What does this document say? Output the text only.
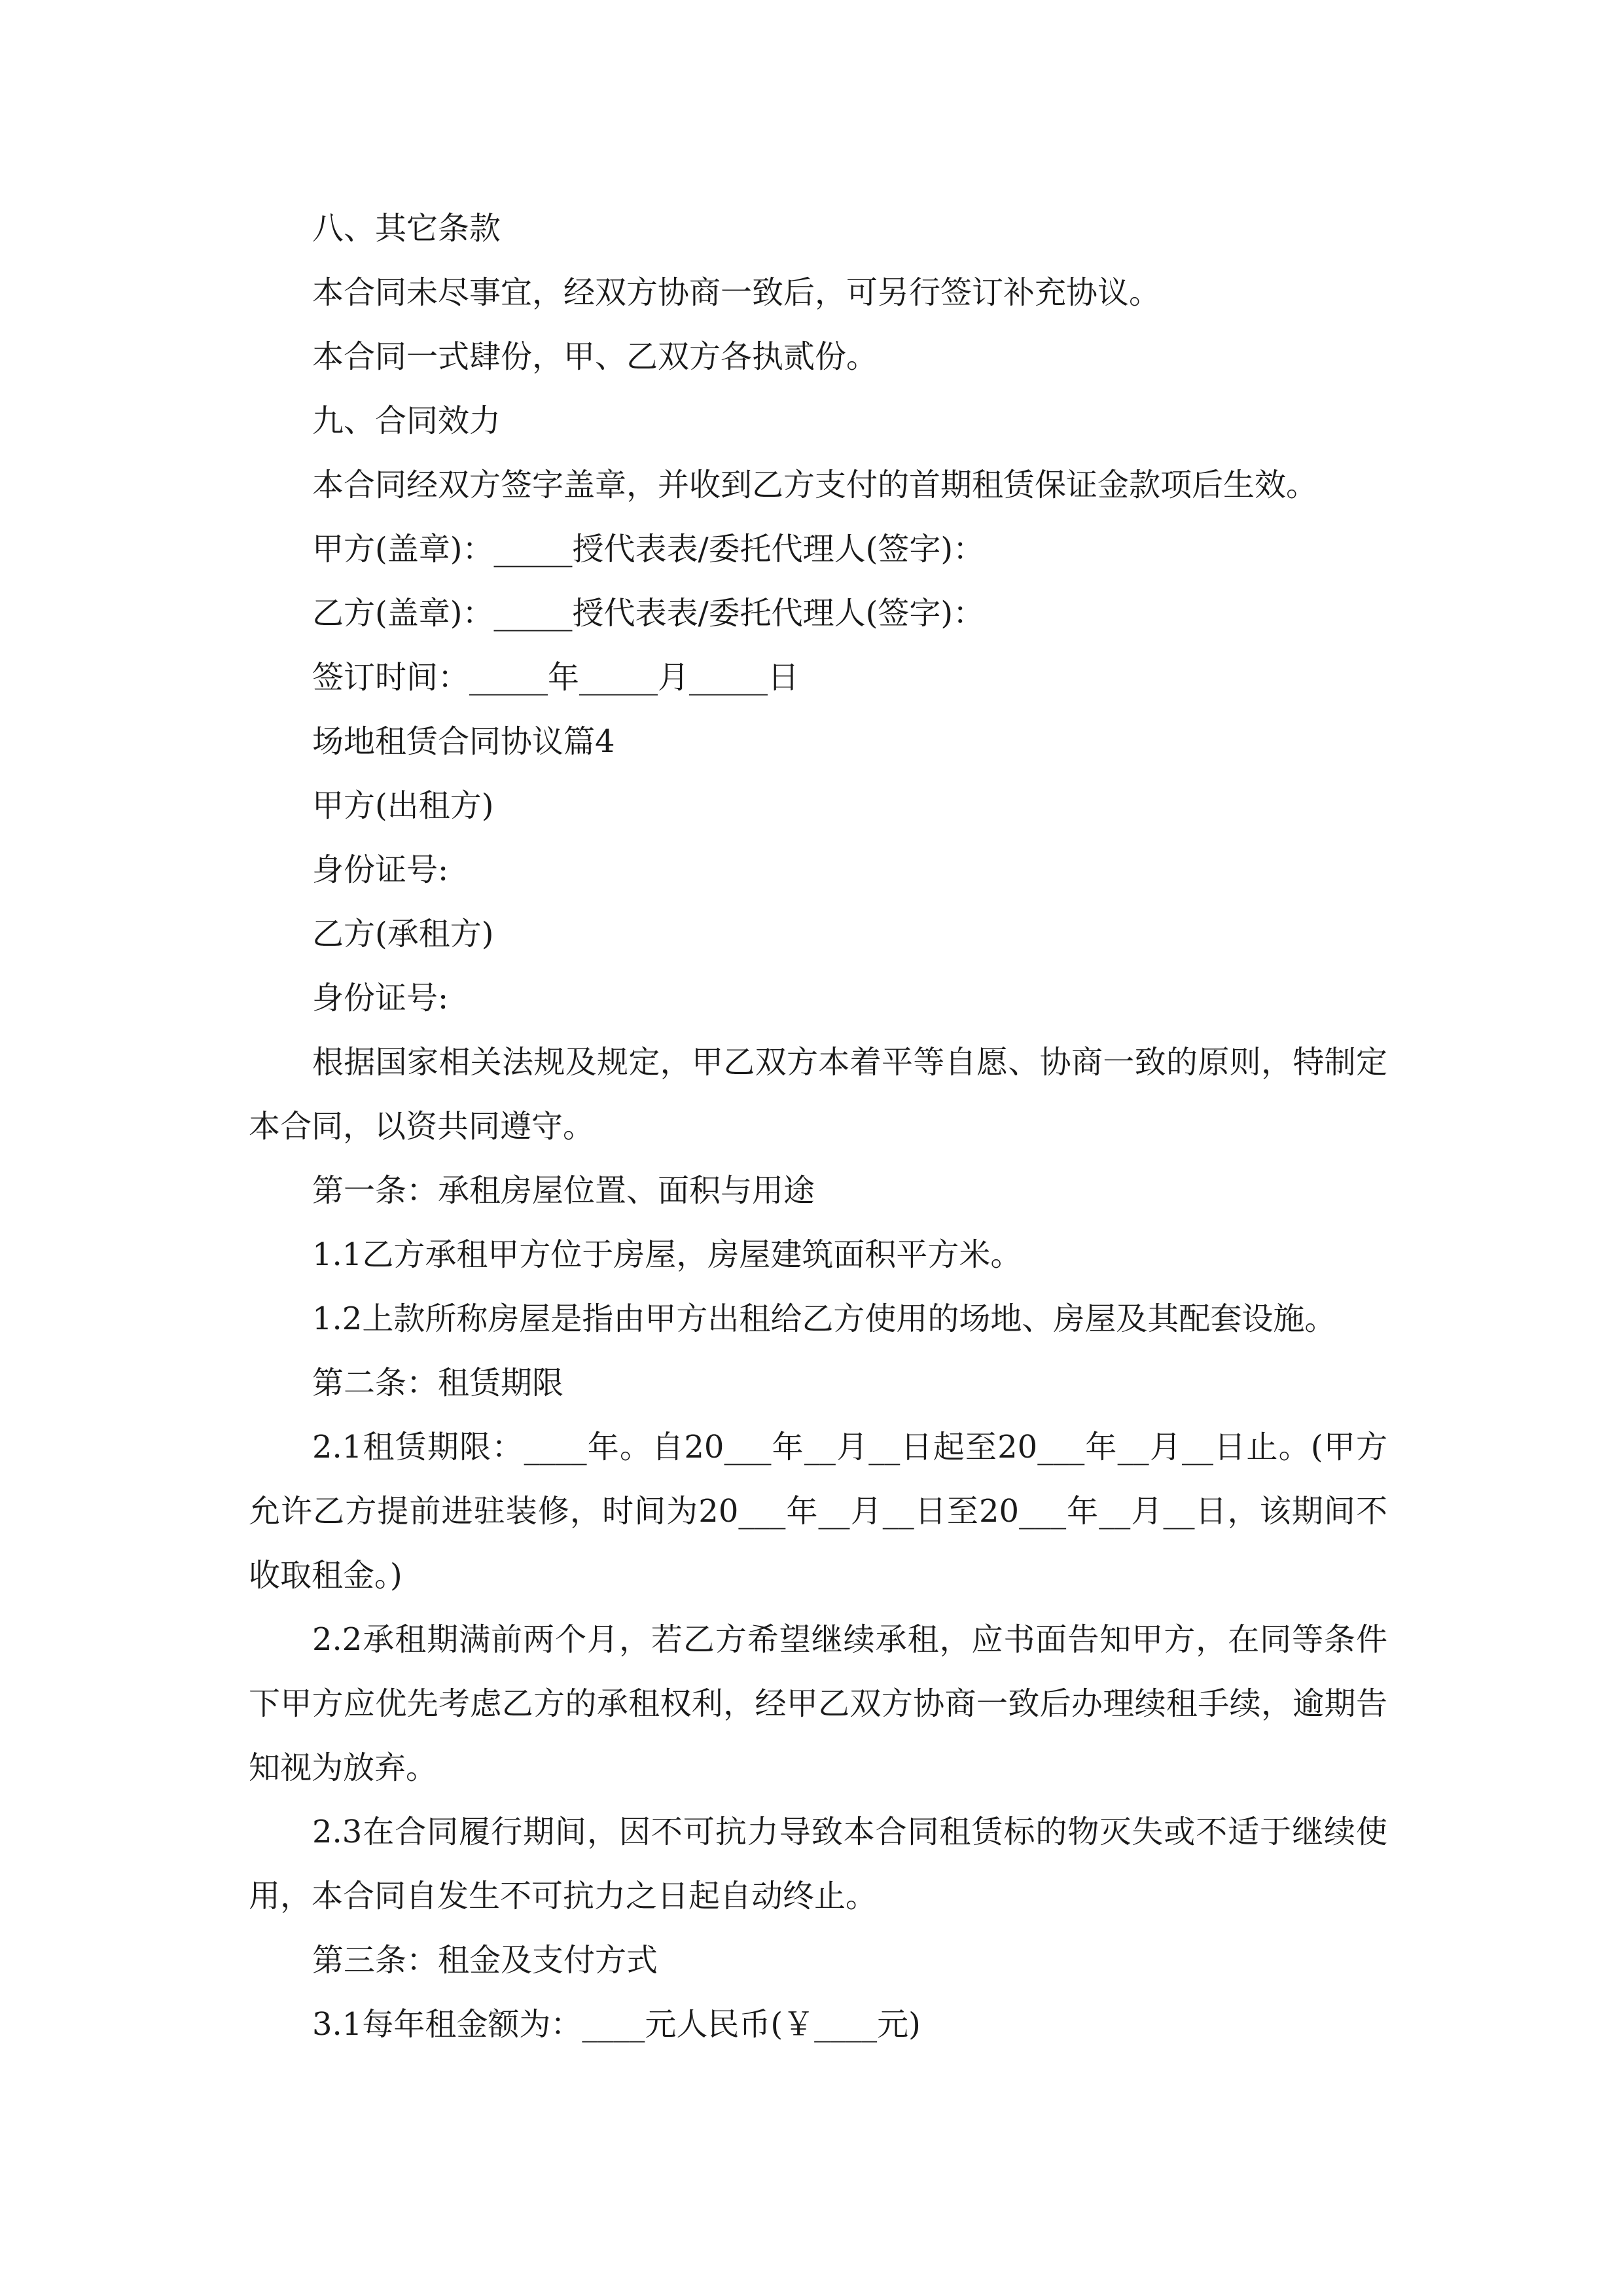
八、其它条款

本合同未尽事宜，经双方协商一致后，可另行签订补充协议。

本合同一式肆份，甲、乙双方各执贰份。

九、合同效力

本合同经双方签字盖章，并收到乙方支付的首期租赁保证金款项后生效。

甲方(盖章)：_____授代表表/委托代理人(签字)：

乙方(盖章)：_____授代表表/委托代理人(签字)：

签订时间：_____年_____月_____日

场地租赁合同协议篇4

甲方(出租方)

身份证号:

乙方(承租方)

身份证号:

根据国家相关法规及规定，甲乙双方本着平等自愿、协商一致的原则，特制定本合同，以资共同遵守。

第一条：承租房屋位置、面积与用途

1.1乙方承租甲方位于房屋，房屋建筑面积平方米。

1.2上款所称房屋是指由甲方出租给乙方使用的场地、房屋及其配套设施。

第二条：租赁期限

2.1租赁期限：____年。自20___年__月__日起至20___年__月__日止。(甲方允许乙方提前进驻装修，时间为20___年__月__日至20___年__月__日，该期间不收取租金。)

2.2承租期满前两个月，若乙方希望继续承租，应书面告知甲方，在同等条件下甲方应优先考虑乙方的承租权利，经甲乙双方协商一致后办理续租手续，逾期告知视为放弃。

2.3在合同履行期间，因不可抗力导致本合同租赁标的物灭失或不适于继续使用，本合同自发生不可抗力之日起自动终止。

第三条：租金及支付方式

3.1每年租金额为：____元人民币(￥____元)
